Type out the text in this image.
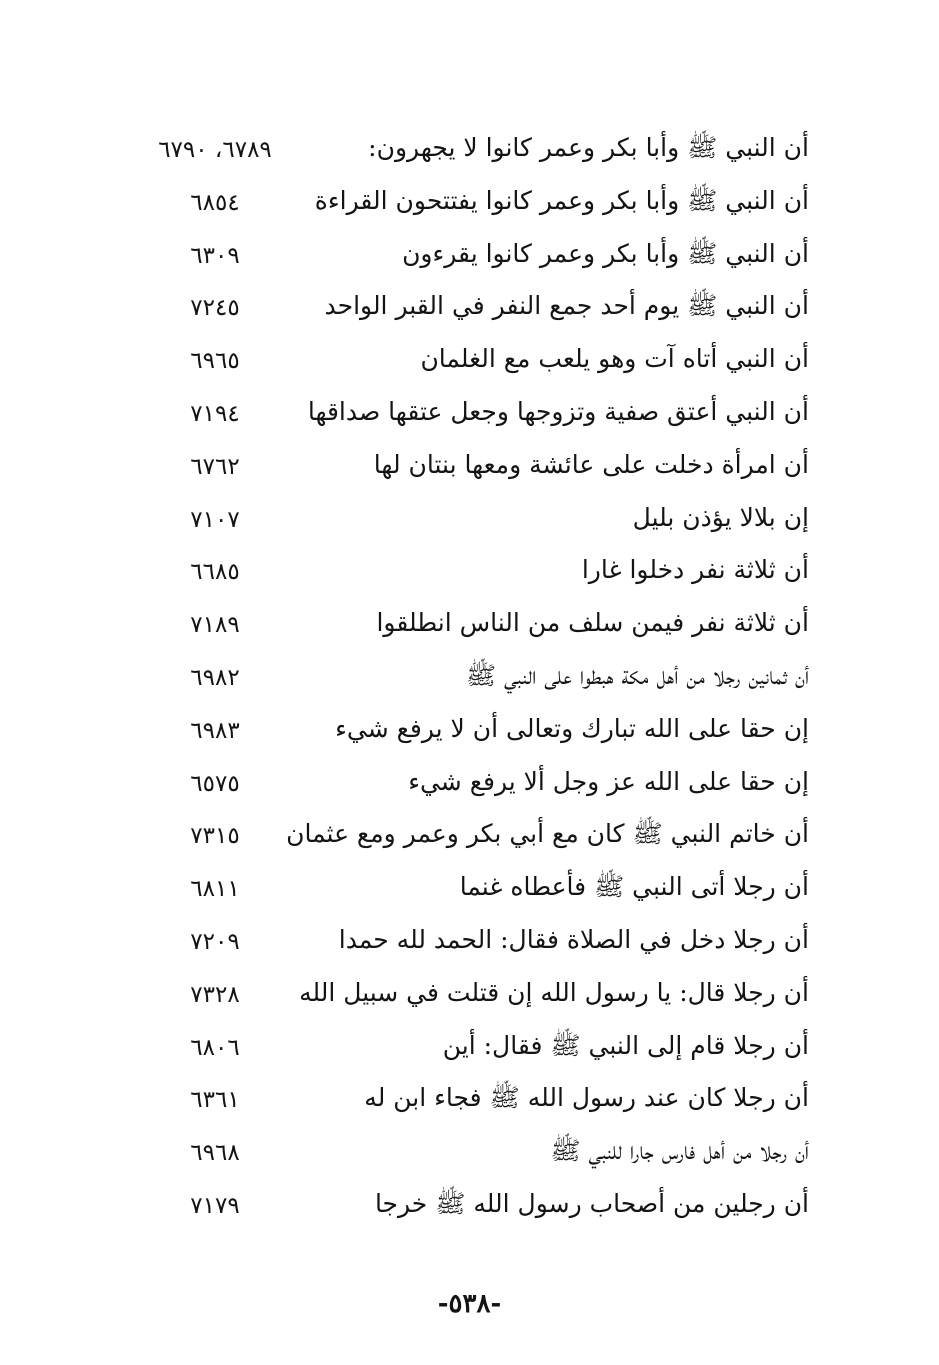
أن النبي ﷺ وأبا بكر وعمر كانوا لا يجهرون:
٦٧٨٩، ٦٧٩٠
أن النبي ﷺ وأبا بكر وعمر كانوا يفتتحون القراءة
٦٨٥٤
أن النبي ﷺ وأبا بكر وعمر كانوا يقرءون
٦٣٠٩
أن النبي ﷺ يوم أحد جمع النفر في القبر الواحد
٧٢٤٥
أن النبي أتاه آت وهو يلعب مع الغلمان
٦٩٦٥
أن النبي أعتق صفية وتزوجها وجعل عتقها صداقها
٧١٩٤
أن امرأة دخلت على عائشة ومعها بنتان لها
٦٧٦٢
إن بلالا يؤذن بليل
٧١٠٧
أن ثلاثة نفر دخلوا غارا
٦٦٨٥
أن ثلاثة نفر فيمن سلف من الناس انطلقوا
٧١٨٩
أن ثمانين رجلا من أهل مكة هبطوا على النبي ﷺ
٦٩٨٢
إن حقا على الله تبارك وتعالى أن لا يرفع شيء
٦٩٨٣
إن حقا على الله عز وجل ألا يرفع شيء
٦٥٧٥
أن خاتم النبي ﷺ كان مع أبي بكر وعمر ومع عثمان
٧٣١٥
أن رجلا أتى النبي ﷺ فأعطاه غنما
٦٨١١
أن رجلا دخل في الصلاة فقال: الحمد لله حمدا
٧٢٠٩
أن رجلا قال: يا رسول الله إن قتلت في سبيل الله
٧٣٢٨
أن رجلا قام إلى النبي ﷺ فقال: أين
٦٨٠٦
أن رجلا كان عند رسول الله ﷺ فجاء ابن له
٦٣٦١
أن رجلا من أهل فارس جارا للنبي ﷺ
٦٩٦٨
أن رجلين من أصحاب رسول الله ﷺ خرجا
٧١٧٩
-٥٣٨-
